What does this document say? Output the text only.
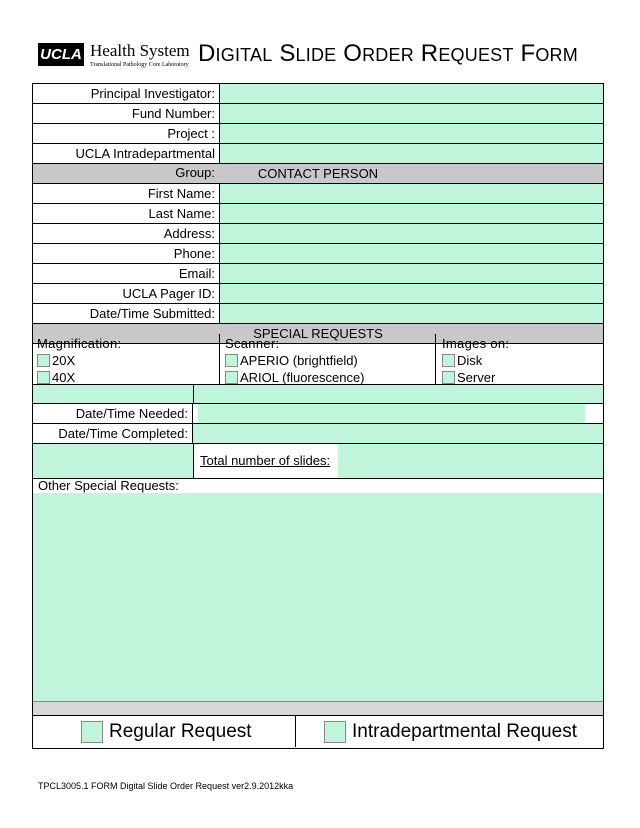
UCLA Health System
Translational Pathology Core Laboratory DIGITAL SLIDE ORDER REQUEST FORM
Principal Investigator:
Fund Number:
Project :
UCLA Intradepartmental Group:	CONTACT PERSON
First Name:
Last Name:
Address:
Phone:
Email:
UCLA Pager ID:
Date/Time Submitted:
SPECIAL REQUESTS
Magnification:
20X
40X
Scanner:
APERIO (brightfield)
ARIOL (fluorescence)
Images on:
Disk
Server
Date/Time Needed:
Date/Time Completed:
Total number of slides:
Other Special Requests:
Regular Request	Intradepartmental Request
TPCL3005.1 FORM Digital Slide Order Request ver2.9.2012kka
